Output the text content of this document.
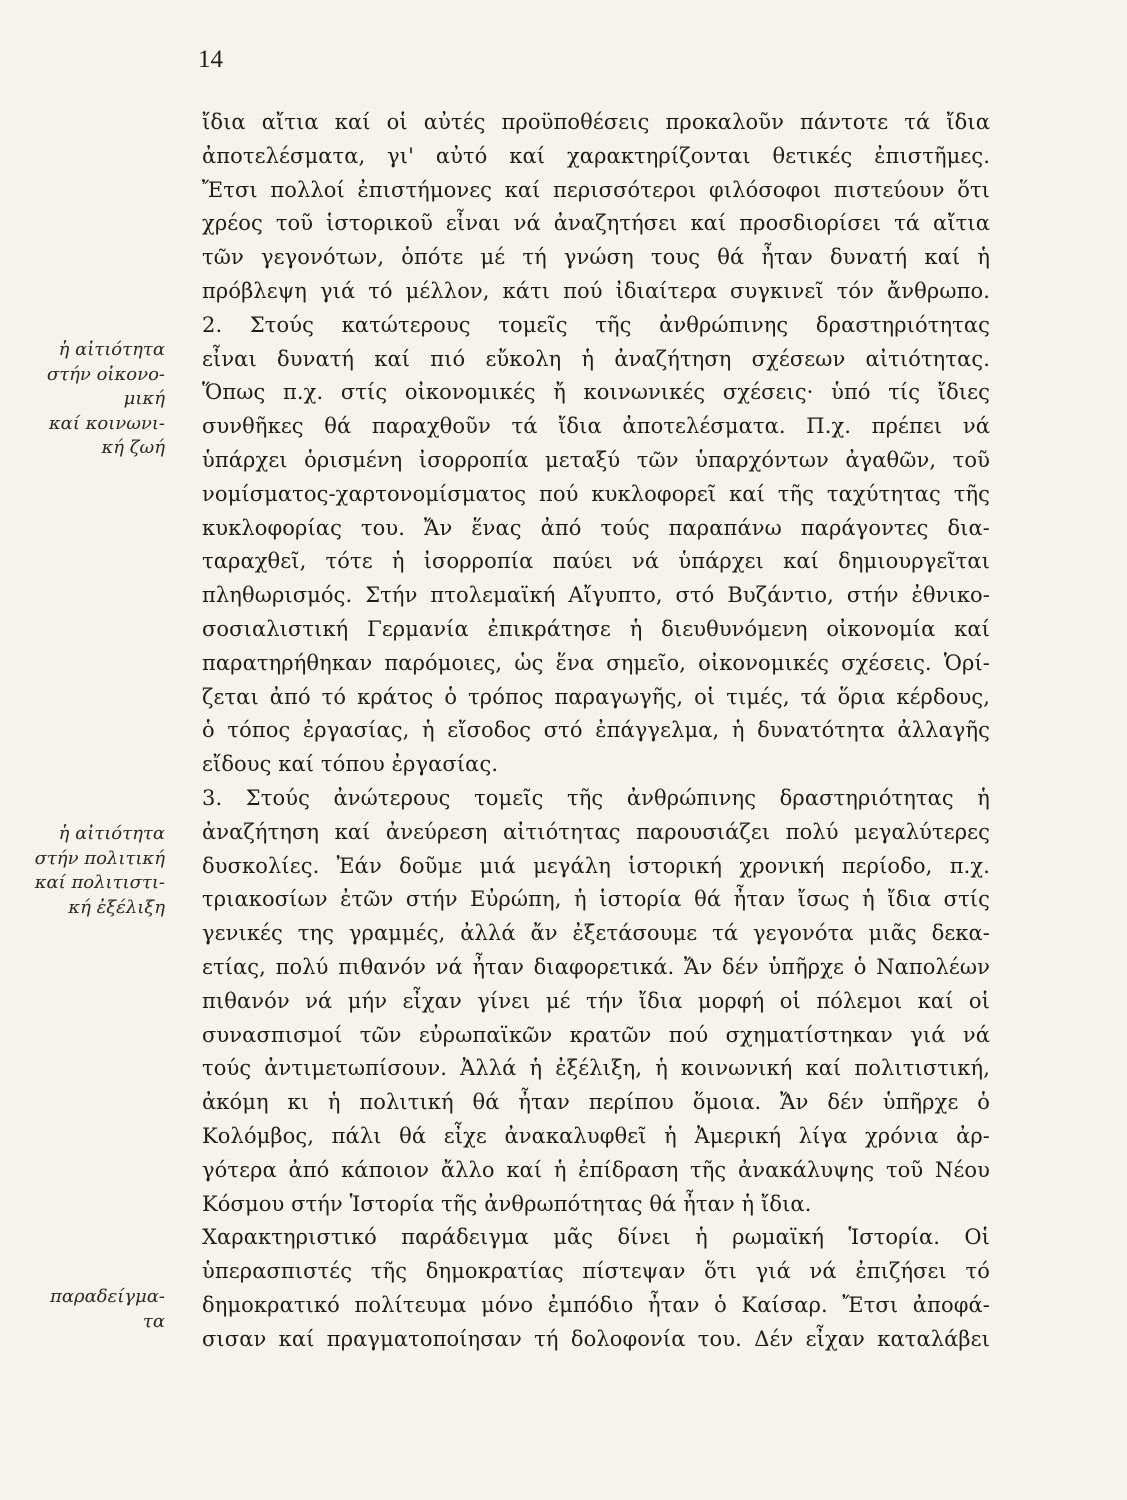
14
ἡ αἰτιότητα
στήν οἰκονο-
μική
καί κοινωνι-
κή ζωή
ἡ αἰτιότητα
στήν πολιτική
καί πολιτιστι-
κή ἐξέλιξη
παραδείγμα-
τα
ἴδια αἴτια καί οἱ αὐτές προϋποθέσεις προκαλοῦν πάντοτε τά ἴδια
ἀποτελέσματα, γι' αὐτό καί χαρακτηρίζονται θετικές ἐπιστῆμες.
Ἔτσι πολλοί ἐπιστήμονες καί περισσότεροι φιλόσοφοι πιστεύουν ὅτι
χρέος τοῦ ἱστορικοῦ εἶναι νά ἀναζητήσει καί προσδιορίσει τά αἴτια
τῶν γεγονότων, ὁπότε μέ τή γνώση τους θά ἦταν δυνατή καί ἡ
πρόβλεψη γιά τό μέλλον, κάτι πού ἰδιαίτερα συγκινεῖ τόν ἄνθρωπο.
2. Στούς κατώτερους τομεῖς τῆς ἀνθρώπινης δραστηριότητας
εἶναι δυνατή καί πιό εὔκολη ἡ ἀναζήτηση σχέσεων αἰτιότητας.
Ὅπως π.χ. στίς οἰκονομικές ἤ κοινωνικές σχέσεις· ὑπό τίς ἴδιες
συνθῆκες θά παραχθοῦν τά ἴδια ἀποτελέσματα. Π.χ. πρέπει νά
ὑπάρχει ὁρισμένη ἰσορροπία μεταξύ τῶν ὑπαρχόντων ἀγαθῶν, τοῦ
νομίσματος-χαρτονομίσματος πού κυκλοφορεῖ καί τῆς ταχύτητας τῆς
κυκλοφορίας του. Ἄν ἕνας ἀπό τούς παραπάνω παράγοντες δια-
ταραχθεῖ, τότε ἡ ἰσορροπία παύει νά ὑπάρχει καί δημιουργεῖται
πληθωρισμός. Στήν πτολεμαϊκή Αἴγυπτο, στό Βυζάντιο, στήν ἐθνικο-
σοσιαλιστική Γερμανία ἐπικράτησε ἡ διευθυνόμενη οἰκονομία καί
παρατηρήθηκαν παρόμοιες, ὡς ἕνα σημεῖο, οἰκονομικές σχέσεις. Ὁρί-
ζεται ἀπό τό κράτος ὁ τρόπος παραγωγῆς, οἱ τιμές, τά ὅρια κέρδους,
ὁ τόπος ἐργασίας, ἡ εἴσοδος στό ἐπάγγελμα, ἡ δυνατότητα ἀλλαγῆς
εἴδους καί τόπου ἐργασίας.
3. Στούς ἀνώτερους τομεῖς τῆς ἀνθρώπινης δραστηριότητας ἡ
ἀναζήτηση καί ἀνεύρεση αἰτιότητας παρουσιάζει πολύ μεγαλύτερες
δυσκολίες. Ἐάν δοῦμε μιά μεγάλη ἱστορική χρονική περίοδο, π.χ.
τριακοσίων ἐτῶν στήν Εὐρώπη, ἡ ἱστορία θά ἦταν ἴσως ἡ ἴδια στίς
γενικές της γραμμές, ἀλλά ἄν ἐξετάσουμε τά γεγονότα μιᾶς δεκα-
ετίας, πολύ πιθανόν νά ἦταν διαφορετικά. Ἄν δέν ὑπῆρχε ὁ Ναπολέων
πιθανόν νά μήν εἶχαν γίνει μέ τήν ἴδια μορφή οἱ πόλεμοι καί οἱ
συνασπισμοί τῶν εὐρωπαϊκῶν κρατῶν πού σχηματίστηκαν γιά νά
τούς ἀντιμετωπίσουν. Ἀλλά ἡ ἐξέλιξη, ἡ κοινωνική καί πολιτιστική,
ἀκόμη κι ἡ πολιτική θά ἦταν περίπου ὅμοια. Ἄν δέν ὑπῆρχε ὁ
Κολόμβος, πάλι θά εἶχε ἀνακαλυφθεῖ ἡ Ἀμερική λίγα χρόνια ἀρ-
γότερα ἀπό κάποιον ἄλλο καί ἡ ἐπίδραση τῆς ἀνακάλυψης τοῦ Νέου
Κόσμου στήν Ἱστορία τῆς ἀνθρωπότητας θά ἦταν ἡ ἴδια.
Χαρακτηριστικό παράδειγμα μᾶς δίνει ἡ ρωμαϊκή Ἱστορία. Οἱ
ὑπερασπιστές τῆς δημοκρατίας πίστεψαν ὅτι γιά νά ἐπιζήσει τό
δημοκρατικό πολίτευμα μόνο ἐμπόδιο ἦταν ὁ Καίσαρ. Ἔτσι ἀποφά-
σισαν καί πραγματοποίησαν τή δολοφονία του. Δέν εἶχαν καταλάβει
